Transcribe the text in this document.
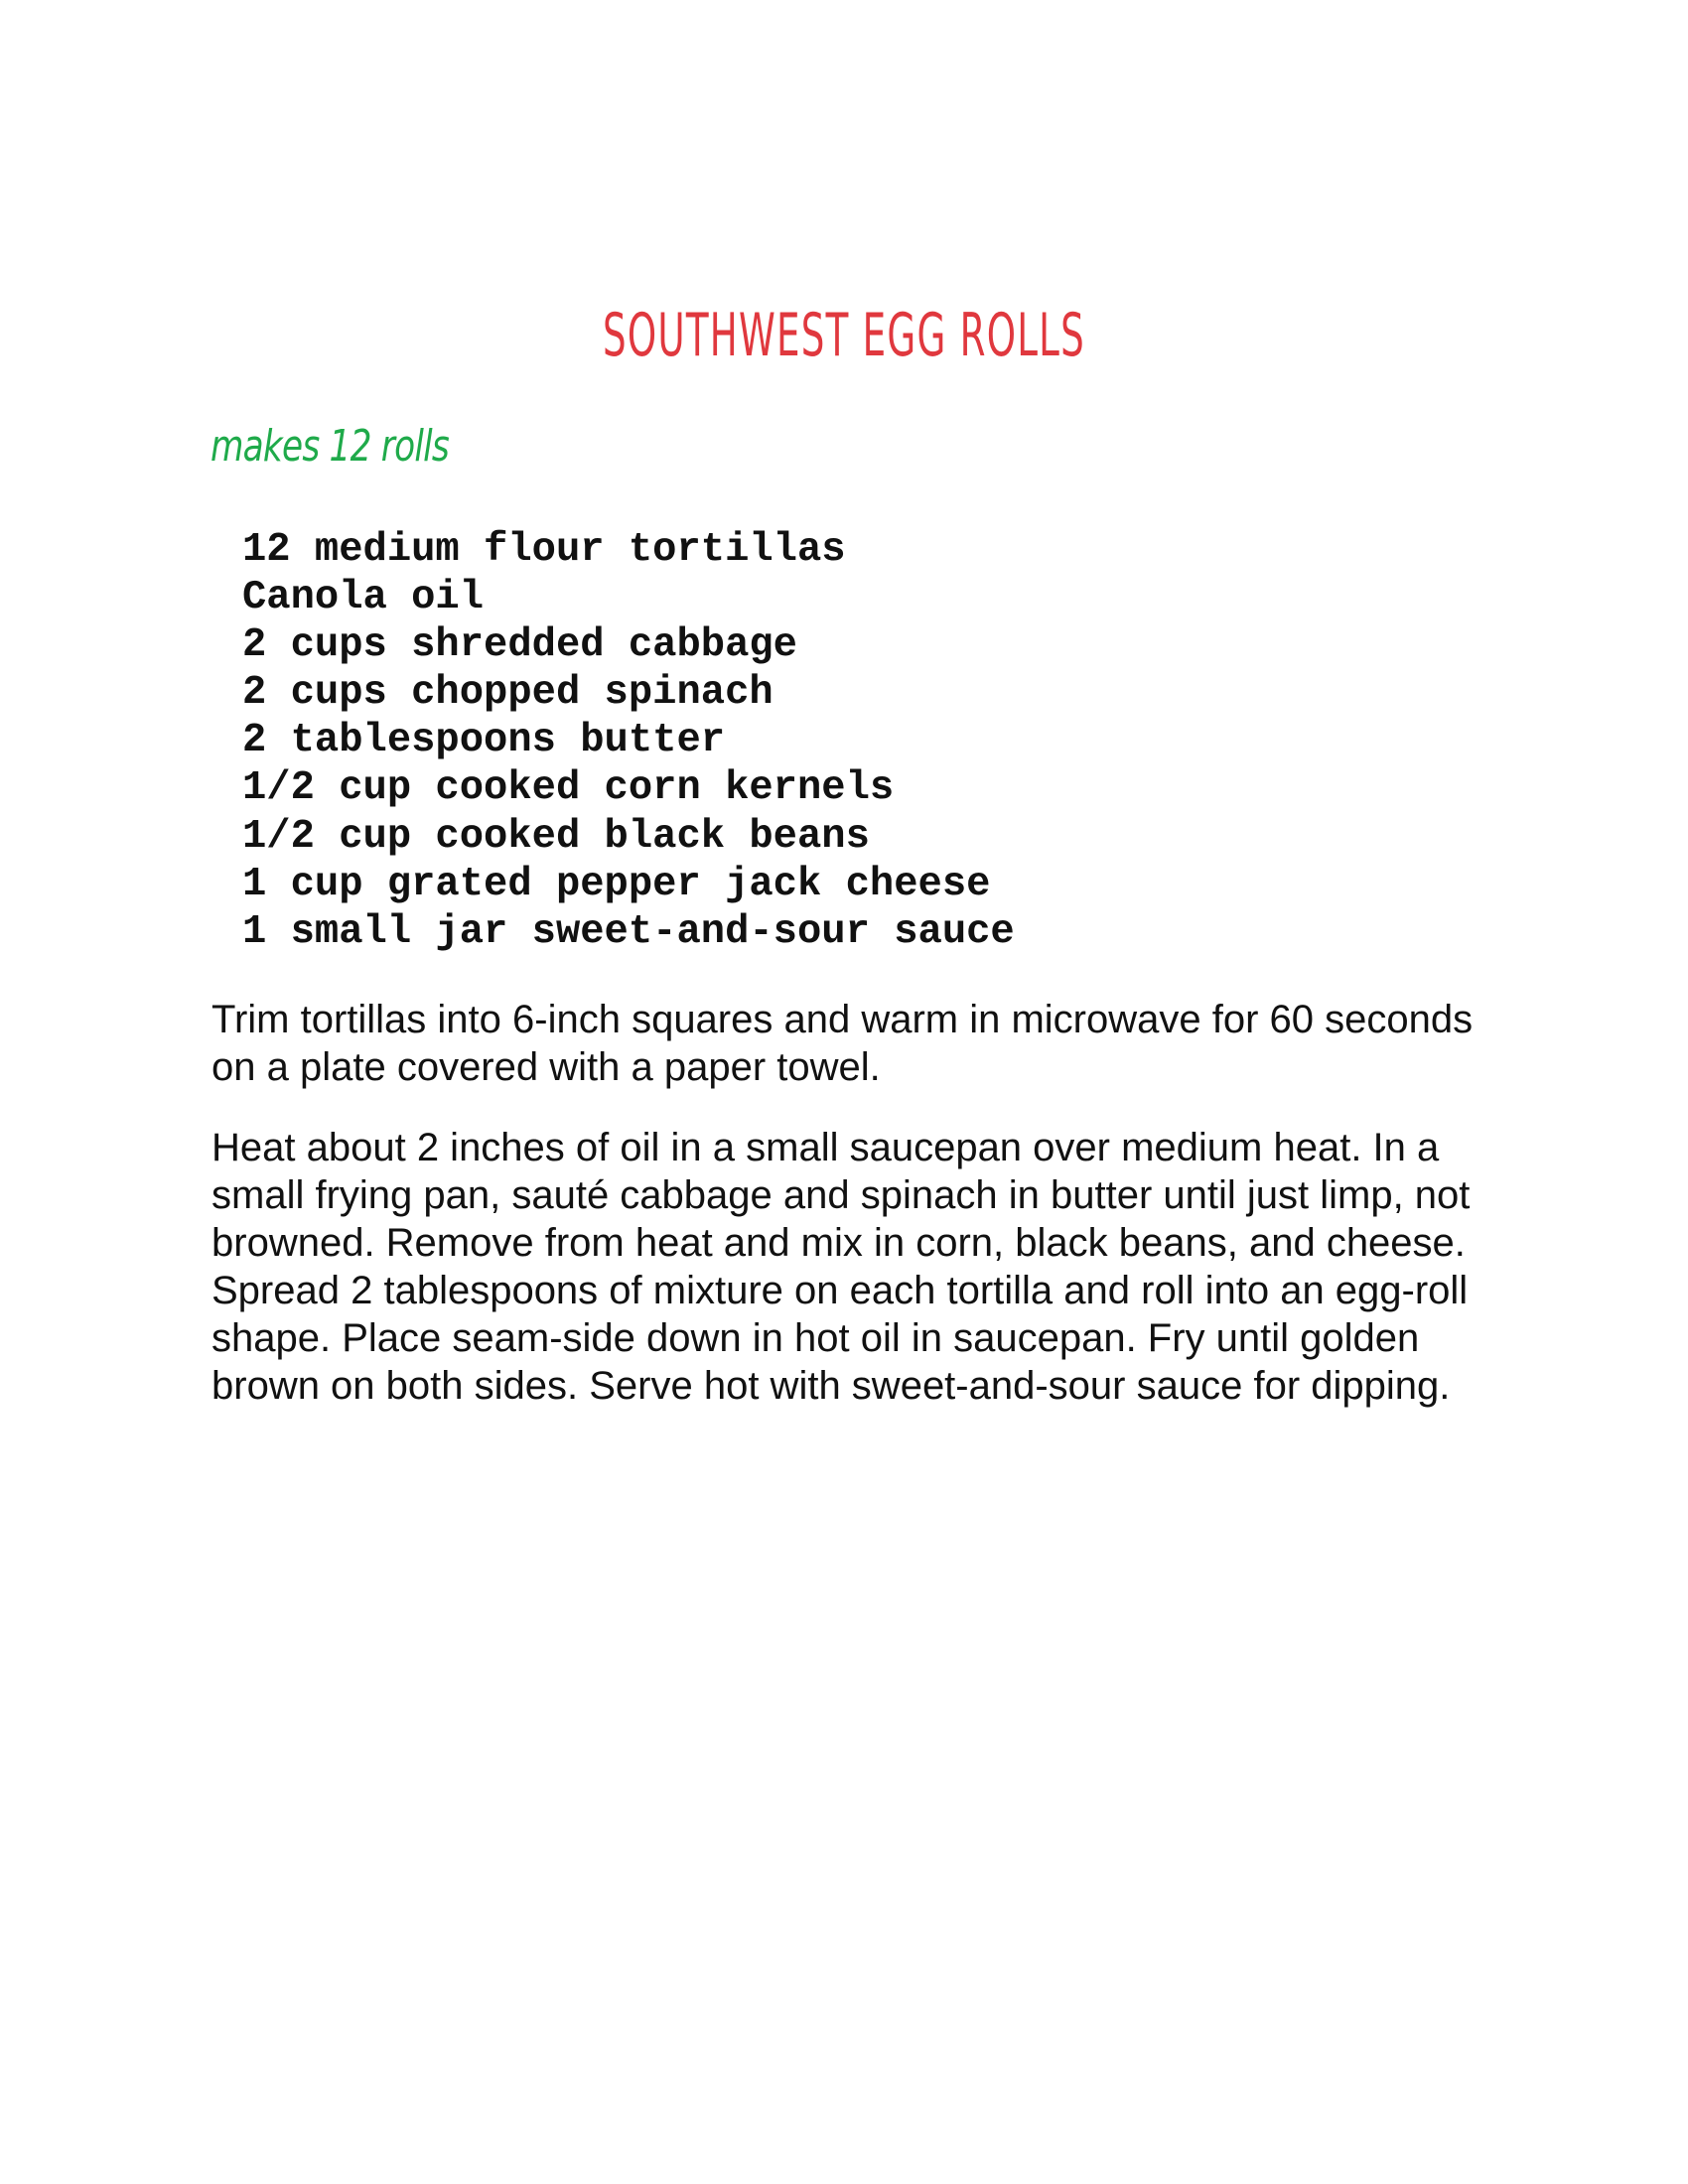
SOUTHWEST EGG ROLLS
makes 12 rolls
12 medium flour tortillas
Canola oil
2 cups shredded cabbage
2 cups chopped spinach
2 tablespoons butter
1/2 cup cooked corn kernels
1/2 cup cooked black beans
1 cup grated pepper jack cheese
1 small jar sweet-and-sour sauce

Trim tortillas into 6-inch squares and warm in microwave for 60 seconds on a plate covered with a paper towel.

Heat about 2 inches of oil in a small saucepan over medium heat. In a small frying pan, sauté cabbage and spinach in butter until just limp, not browned. Remove from heat and mix in corn, black beans, and cheese. Spread 2 tablespoons of mixture on each tortilla and roll into an egg-roll shape. Place seam-side down in hot oil in saucepan. Fry until golden brown on both sides. Serve hot with sweet-and-sour sauce for dipping.
